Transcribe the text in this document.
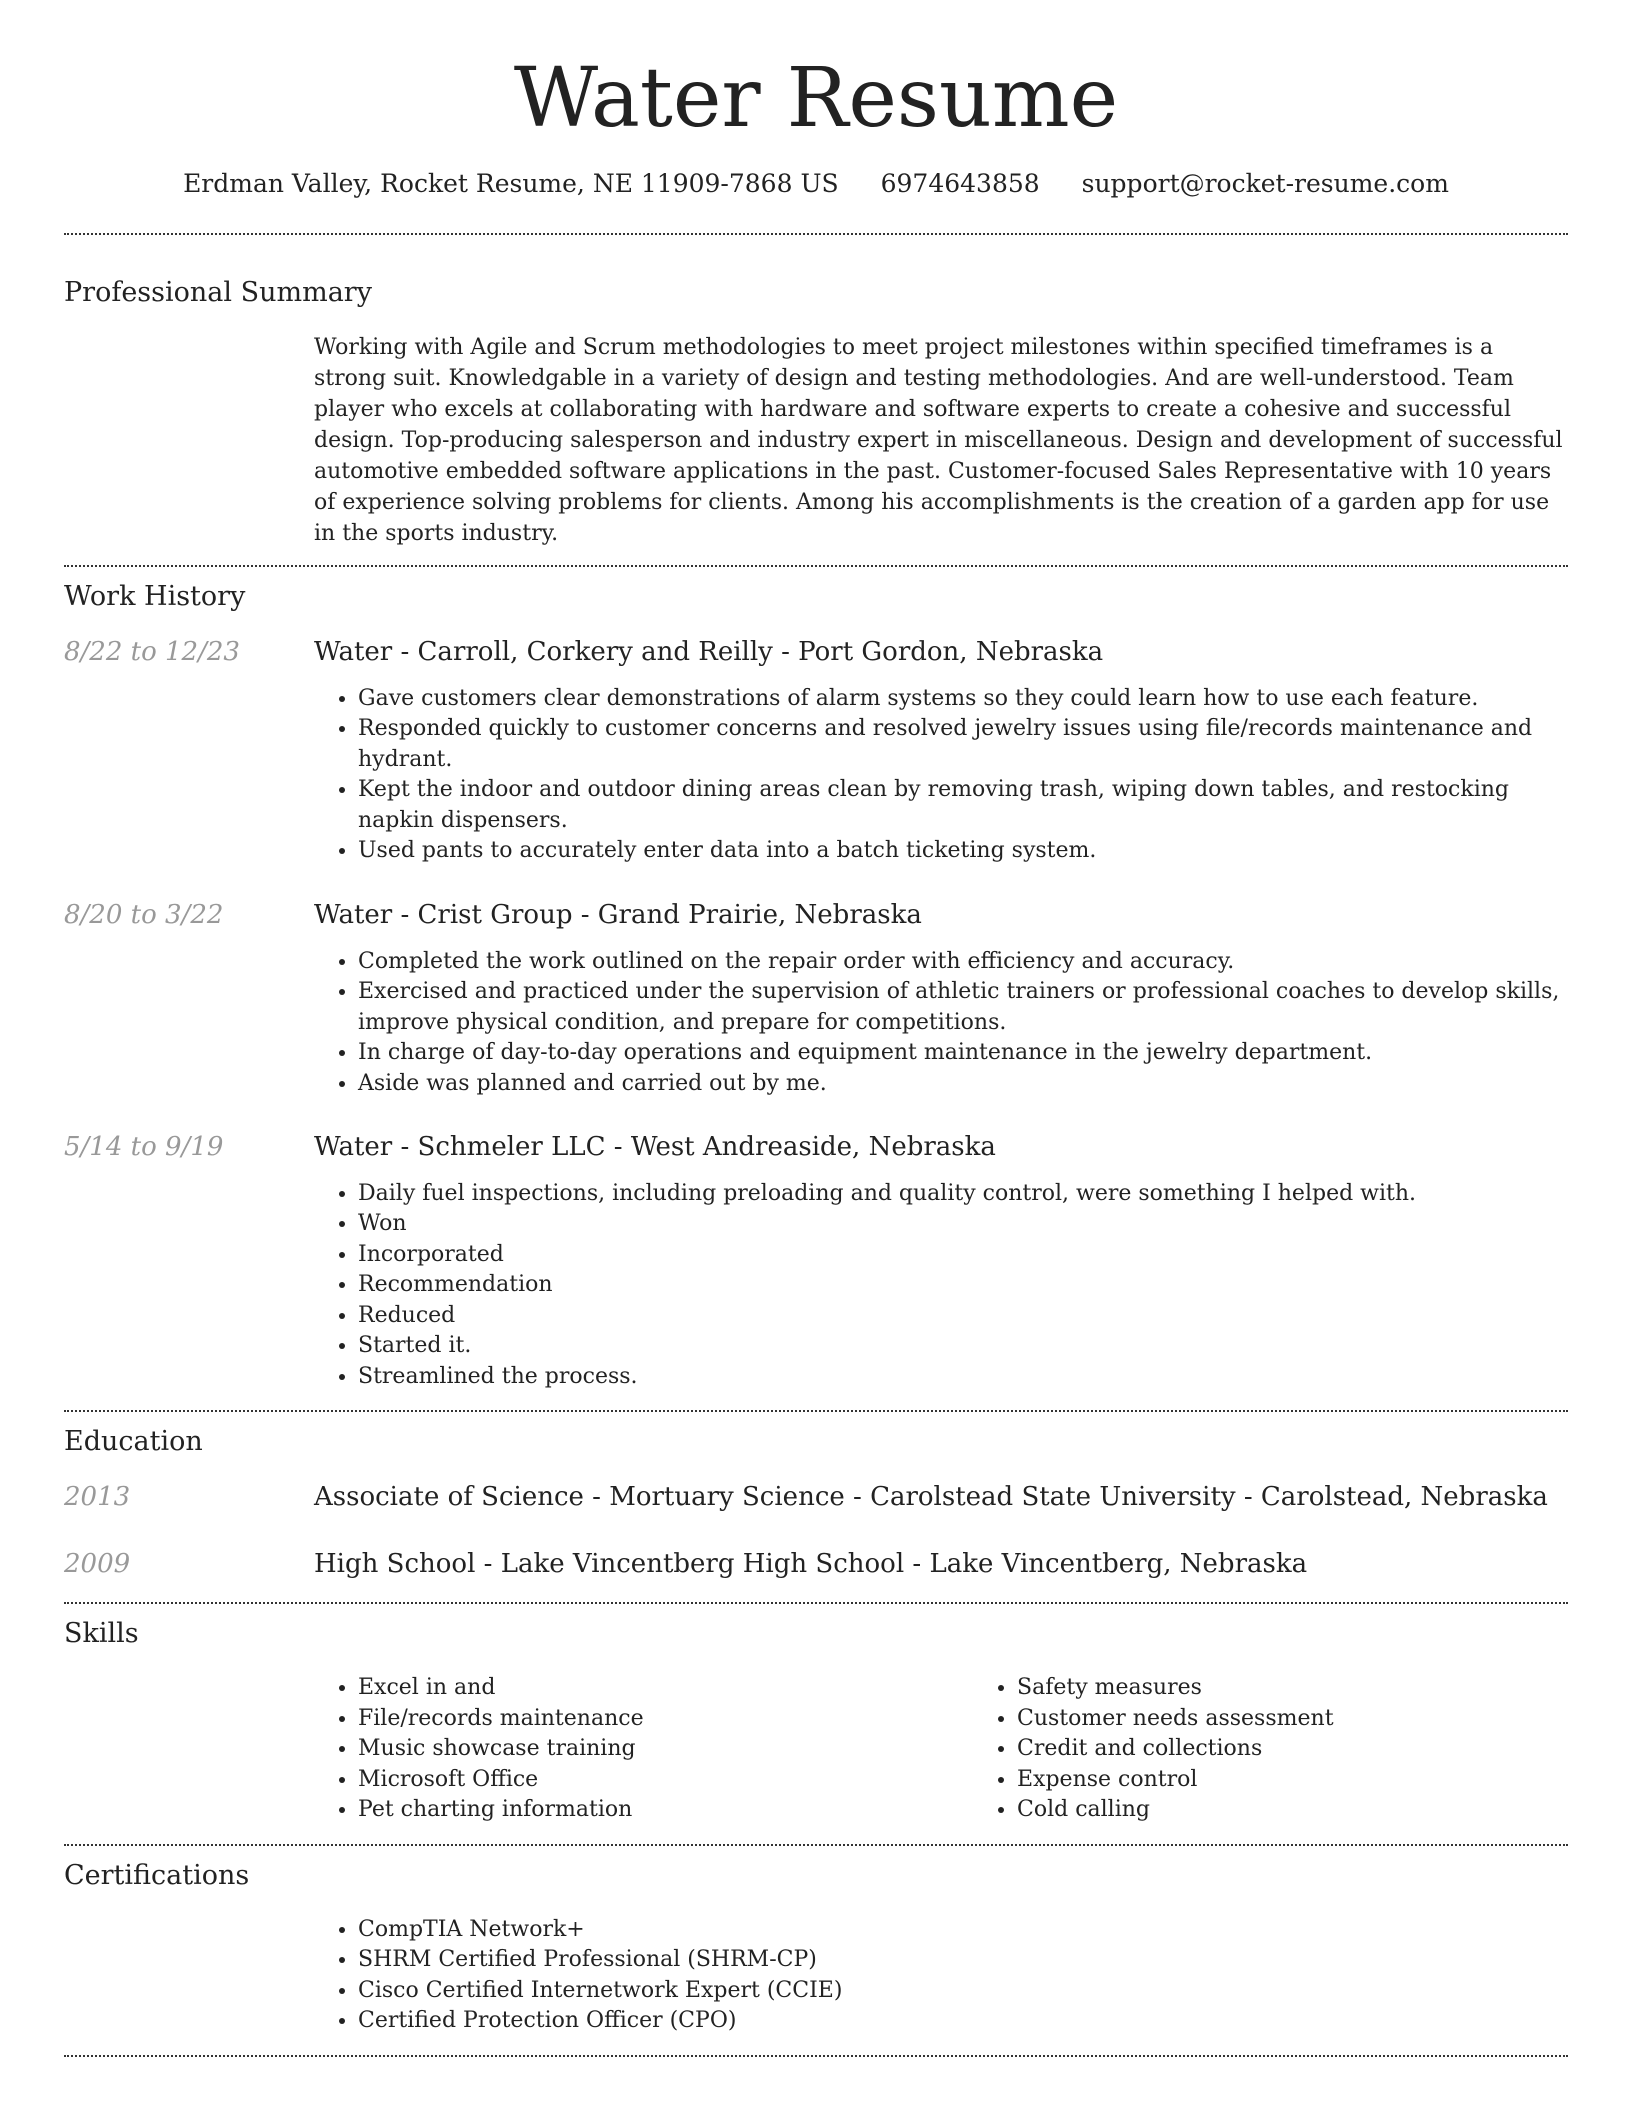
Water Resume
Erdman Valley, Rocket Resume, NE 11909-7868 US 6974643858 support@rocket-resume.com
Professional Summary
Working with Agile and Scrum methodologies to meet project milestones within specified timeframes is a strong suit. Knowledgable in a variety of design and testing methodologies. And are well-understood. Team player who excels at collaborating with hardware and software experts to create a cohesive and successful design. Top-producing salesperson and industry expert in miscellaneous. Design and development of successful automotive embedded software applications in the past. Customer-focused Sales Representative with 10 years of experience solving problems for clients. Among his accomplishments is the creation of a garden app for use in the sports industry.
Work History
8/22 to 12/23	Water - Carroll, Corkery and Reilly - Port Gordon, Nebraska
• Gave customers clear demonstrations of alarm systems so they could learn how to use each feature.
• Responded quickly to customer concerns and resolved jewelry issues using file/records maintenance and hydrant.
• Kept the indoor and outdoor dining areas clean by removing trash, wiping down tables, and restocking napkin dispensers.
• Used pants to accurately enter data into a batch ticketing system.
8/20 to 3/22	Water - Crist Group - Grand Prairie, Nebraska
• Completed the work outlined on the repair order with efficiency and accuracy.
• Exercised and practiced under the supervision of athletic trainers or professional coaches to develop skills, improve physical condition, and prepare for competitions.
• In charge of day-to-day operations and equipment maintenance in the jewelry department.
• Aside was planned and carried out by me.
5/14 to 9/19	Water - Schmeler LLC - West Andreaside, Nebraska
• Daily fuel inspections, including preloading and quality control, were something I helped with.
• Won
• Incorporated
• Recommendation
• Reduced
• Started it.
• Streamlined the process.
Education
2013	Associate of Science - Mortuary Science - Carolstead State University - Carolstead, Nebraska
2009	High School - Lake Vincentberg High School - Lake Vincentberg, Nebraska
Skills
• Excel in and
• File/records maintenance
• Music showcase training
• Microsoft Office
• Pet charting information
• Safety measures
• Customer needs assessment
• Credit and collections
• Expense control
• Cold calling
Certifications
• CompTIA Network+
• SHRM Certified Professional (SHRM-CP)
• Cisco Certified Internetwork Expert (CCIE)
• Certified Protection Officer (CPO)
